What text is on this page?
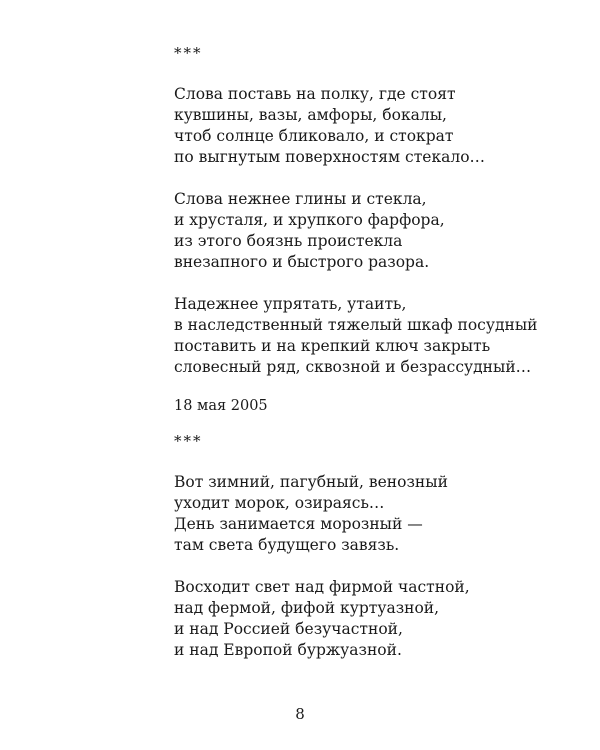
***
Слова поставь на полку, где стоят
кувшины, вазы, амфоры, бокалы,
чтоб солнце бликовало, и стократ
по выгнутым поверхностям стекало…
Слова нежнее глины и стекла,
и хрусталя, и хрупкого фарфора,
из этого боязнь проистекла
внезапного и быстрого разора.
Надежнее упрятать, утаить,
в наследственный тяжелый шкаф посудный
поставить и на крепкий ключ закрыть
словесный ряд, сквозной и безрассудный…
18 мая 2005
***
Вот зимний, пагубный, венозный
уходит морок, озираясь…
День занимается морозный —
там света будущего завязь.
Восходит свет над фирмой частной,
над фермой, фифой куртуазной,
и над Россией безучастной,
и над Европой буржуазной.
8
